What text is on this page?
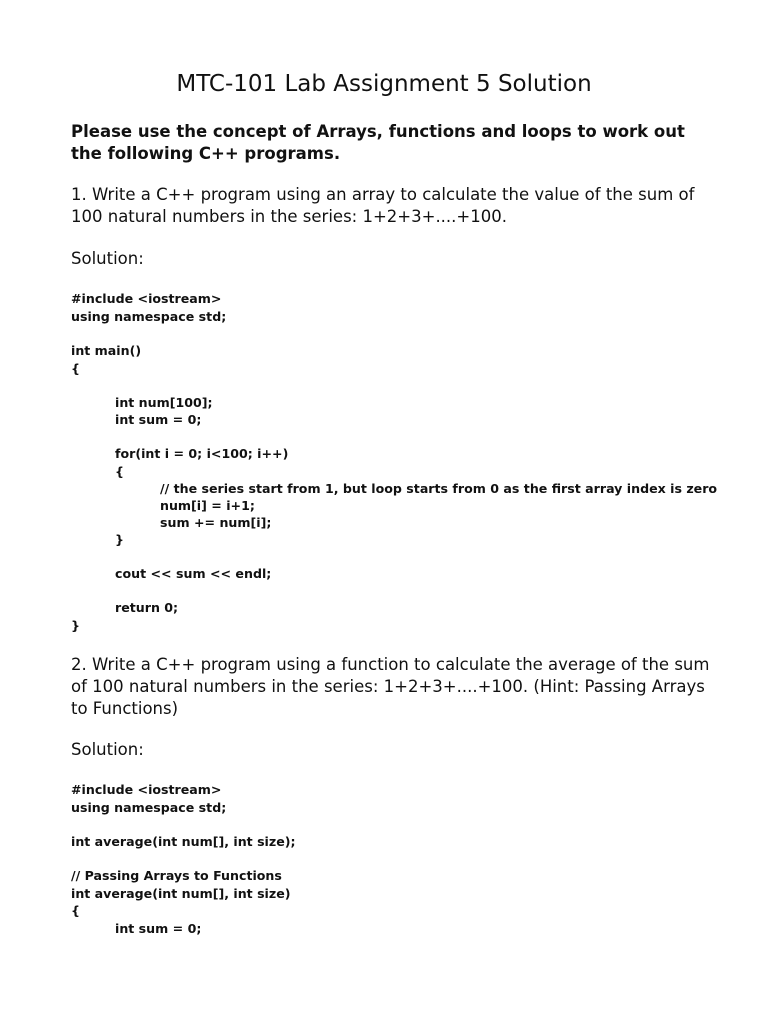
MTC-101 Lab Assignment 5 Solution
Please use the concept of Arrays, functions and loops to work out the following C++ programs.
1. Write a C++ program using an array to calculate the value of the sum of 100 natural numbers in the series: 1+2+3+....+100.
Solution:
#include <iostream>
using namespace std;
int main()
{
int num[100];
int sum = 0;
for(int i = 0; i<100; i++)
{
// the series start from 1, but loop starts from 0 as the first array index is zero
num[i] = i+1;
sum += num[i];
}
cout << sum << endl;
return 0;
}
2. Write a C++ program using a function to calculate the average of the sum of 100 natural numbers in the series: 1+2+3+....+100. (Hint: Passing Arrays to Functions)
Solution:
#include <iostream>
using namespace std;
int average(int num[], int size);
// Passing Arrays to Functions
int average(int num[], int size)
{
int sum = 0;
